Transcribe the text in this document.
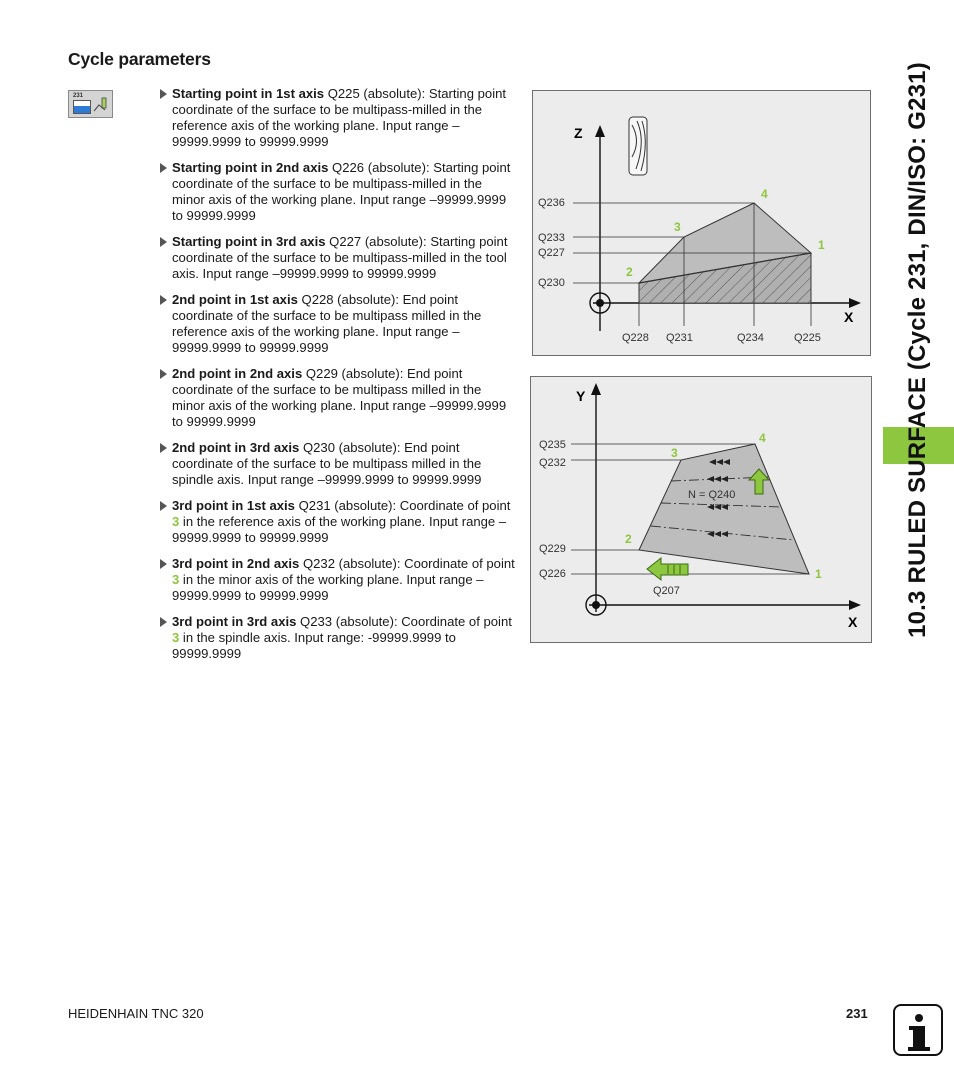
Cycle parameters
231	Starting point in 1st axis Q225 (absolute): Starting point coordinate of the surface to be multipass-milled in the reference axis of the working plane. Input range –99999.9999 to 99999.9999
Starting point in 2nd axis Q226 (absolute): Starting point coordinate of the surface to be multipass-milled in the minor axis of the working plane. Input range –99999.9999 to 99999.9999
Starting point in 3rd axis Q227 (absolute): Starting point coordinate of the surface to be multipass-milled in the tool axis. Input range –99999.9999 to 99999.9999
2nd point in 1st axis Q228 (absolute): End point coordinate of the surface to be multipass milled in the reference axis of the working plane. Input range –99999.9999 to 99999.9999
2nd point in 2nd axis Q229 (absolute): End point coordinate of the surface to be multipass milled in the minor axis of the working plane. Input range –99999.9999 to 99999.9999
2nd point in 3rd axis Q230 (absolute): End point coordinate of the surface to be multipass milled in the spindle axis. Input range –99999.9999 to 99999.9999
3rd point in 1st axis Q231 (absolute): Coordinate of point 3 in the reference axis of the working plane. Input range –99999.9999 to 99999.9999
3rd point in 2nd axis Q232 (absolute): Coordinate of point 3 in the minor axis of the working plane. Input range –99999.9999 to 99999.9999
3rd point in 3rd axis Q233 (absolute): Coordinate of point 3 in the spindle axis. Input range: -99999.9999 to 99999.9999
Z
X
Q236
Q233
Q227
Q230
Q228 Q231	Q234	Q225
1
2
3
4
Y
X
Q235
Q232
Q229
Q226
N = Q240
Q207
1
2
3
4	10.3 RULED SURFACE (Cycle 231, DIN/ISO: G231)
HEIDENHAIN TNC 320	231
